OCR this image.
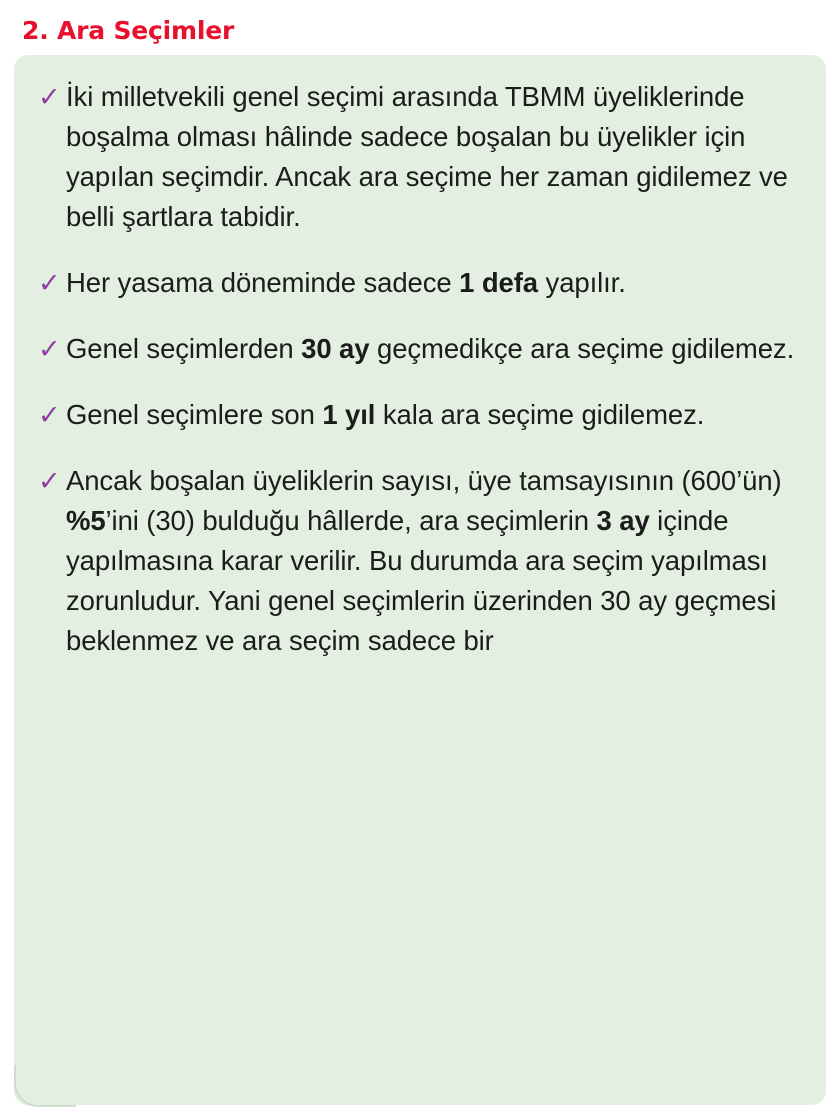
2. Ara Seçimler
✓ İki milletvekili genel seçimi arasında TBMM üyeliklerinde boşalma olması hâlinde sadece boşalan bu üyelikler için yapılan seçimdir. Ancak ara seçime her zaman gidilemez ve belli şartlara tabidir.
✓ Her yasama döneminde sadece 1 defa yapılır.
✓ Genel seçimlerden 30 ay geçmedikçe ara seçime gidilemez.
✓ Genel seçimlere son 1 yıl kala ara seçime gidilemez.
✓ Ancak boşalan üyeliklerin sayısı, üye tamsayısının (600’ün) %5’ini (30) bulduğu hâllerde, ara seçimlerin 3 ay içinde yapılmasına karar verilir. Bu durumda ara seçim yapılması zorunludur. Yani genel seçimlerin üzerinden 30 ay geçmesi beklenmez ve ara seçim sadece bir
